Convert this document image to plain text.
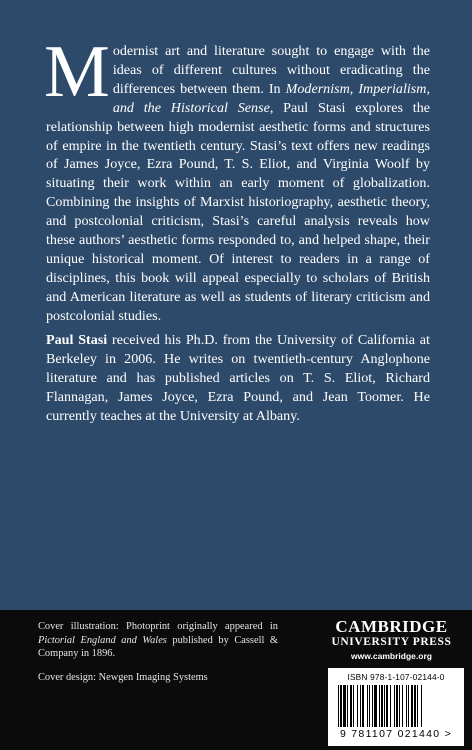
Modernist art and literature sought to engage with the ideas of different cultures without eradicating the differences between them. In Modernism, Imperialism, and the Historical Sense, Paul Stasi explores the relationship between high modernist aesthetic forms and structures of empire in the twentieth century. Stasi’s text offers new readings of James Joyce, Ezra Pound, T. S. Eliot, and Virginia Woolf by situating their work within an early moment of globalization. Combining the insights of Marxist historiography, aesthetic theory, and postcolonial criticism, Stasi’s careful analysis reveals how these authors’ aesthetic forms responded to, and helped shape, their unique historical moment. Of interest to readers in a range of disciplines, this book will appeal especially to scholars of British and American literature as well as students of literary criticism and postcolonial studies.
Paul Stasi received his Ph.D. from the University of California at Berkeley in 2006. He writes on twentieth-century Anglophone literature and has published articles on T. S. Eliot, Richard Flannagan, James Joyce, Ezra Pound, and Jean Toomer. He currently teaches at the University at Albany.
Cover illustration: Photoprint originally appeared in Pictorial England and Wales published by Cassell & Company in 1896.
Cover design: Newgen Imaging Systems
CAMBRIDGE
UNIVERSITY PRESS
www.cambridge.org
ISBN 978-1-107-02144-0
9 781107 021440 >
